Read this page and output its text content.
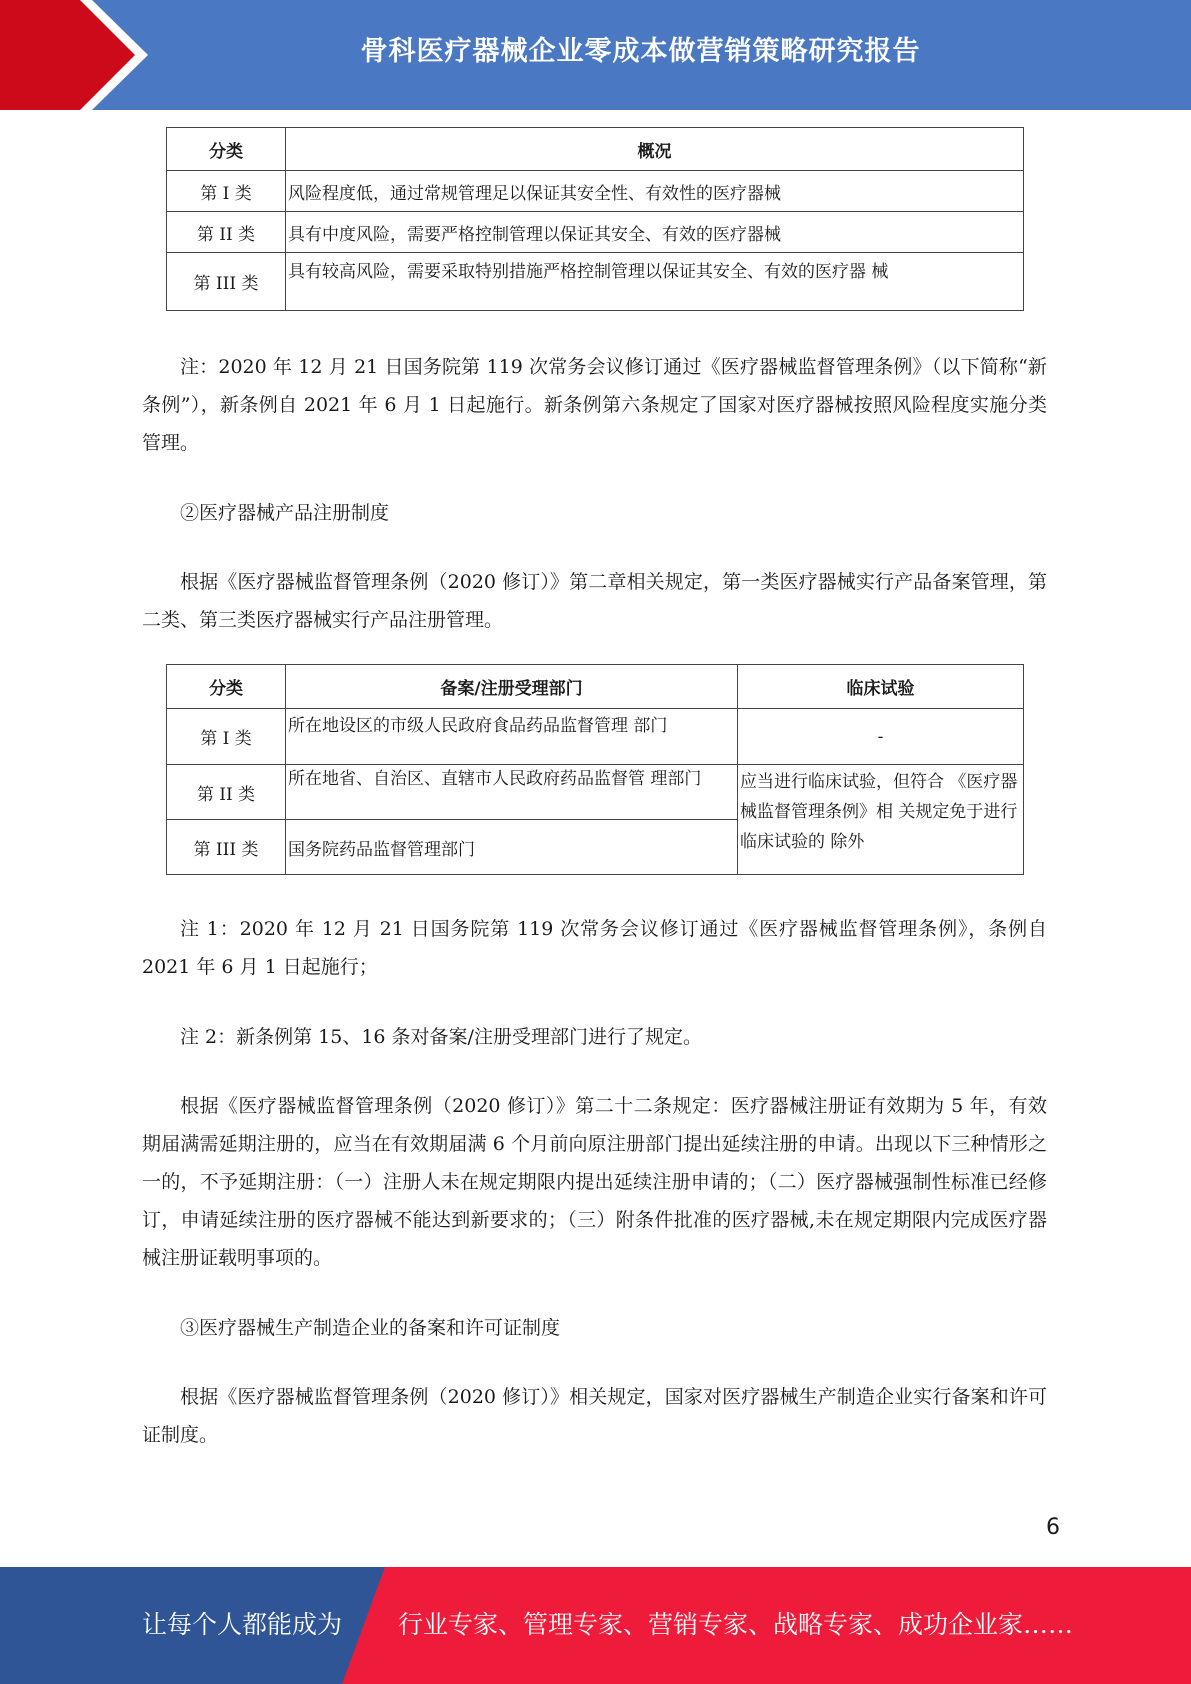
骨科医疗器械企业零成本做营销策略研究报告
分类	概况
第 I 类	风险程度低，通过常规管理足以保证其安全性、有效性的医疗器械
第 II 类	具有中度风险，需要严格控制管理以保证其安全、有效的医疗器械
第 III 类	具有较高风险，需要采取特别措施严格控制管理以保证其安全、有效的医疗器 械

注：2020 年 12 月 21 日国务院第 119 次常务会议修订通过《医疗器械监督管理条例》（以下简称“新条例”），新条例自 2021 年 6 月 1 日起施行。新条例第六条规定了国家对医疗器械按照风险程度实施分类管理。

②医疗器械产品注册制度

根据《医疗器械监督管理条例（2020 修订）》第二章相关规定，第一类医疗器械实行产品备案管理，第二类、第三类医疗器械实行产品注册管理。

分类	备案/注册受理部门	临床试验
第 I 类	所在地设区的市级人民政府食品药品监督管理 部门	-
第 II 类	所在地省、自治区、直辖市人民政府药品监督管 理部门	应当进行临床试验，但符合 《医疗器械监督管理条例》相 关规定免于进行临床试验的 除外
第 III 类	国务院药品监督管理部门	

注 1：2020 年 12 月 21 日国务院第 119 次常务会议修订通过《医疗器械监督管理条例》，条例自 2021 年 6 月 1 日起施行；

注 2：新条例第 15、16 条对备案/注册受理部门进行了规定。

根据《医疗器械监督管理条例（2020 修订）》第二十二条规定：医疗器械注册证有效期为 5 年，有效期届满需延期注册的，应当在有效期届满 6 个月前向原注册部门提出延续注册的申请。出现以下三种情形之一的，不予延期注册：（一）注册人未在规定期限内提出延续注册申请的；（二）医疗器械强制性标准已经修订，申请延续注册的医疗器械不能达到新要求的；（三）附条件批准的医疗器械,未在规定期限内完成医疗器械注册证载明事项的。

③医疗器械生产制造企业的备案和许可证制度

根据《医疗器械监督管理条例（2020 修订）》相关规定，国家对医疗器械生产制造企业实行备案和许可证制度。

6
让每个人都能成为 行业专家、管理专家、营销专家、战略专家、成功企业家……
